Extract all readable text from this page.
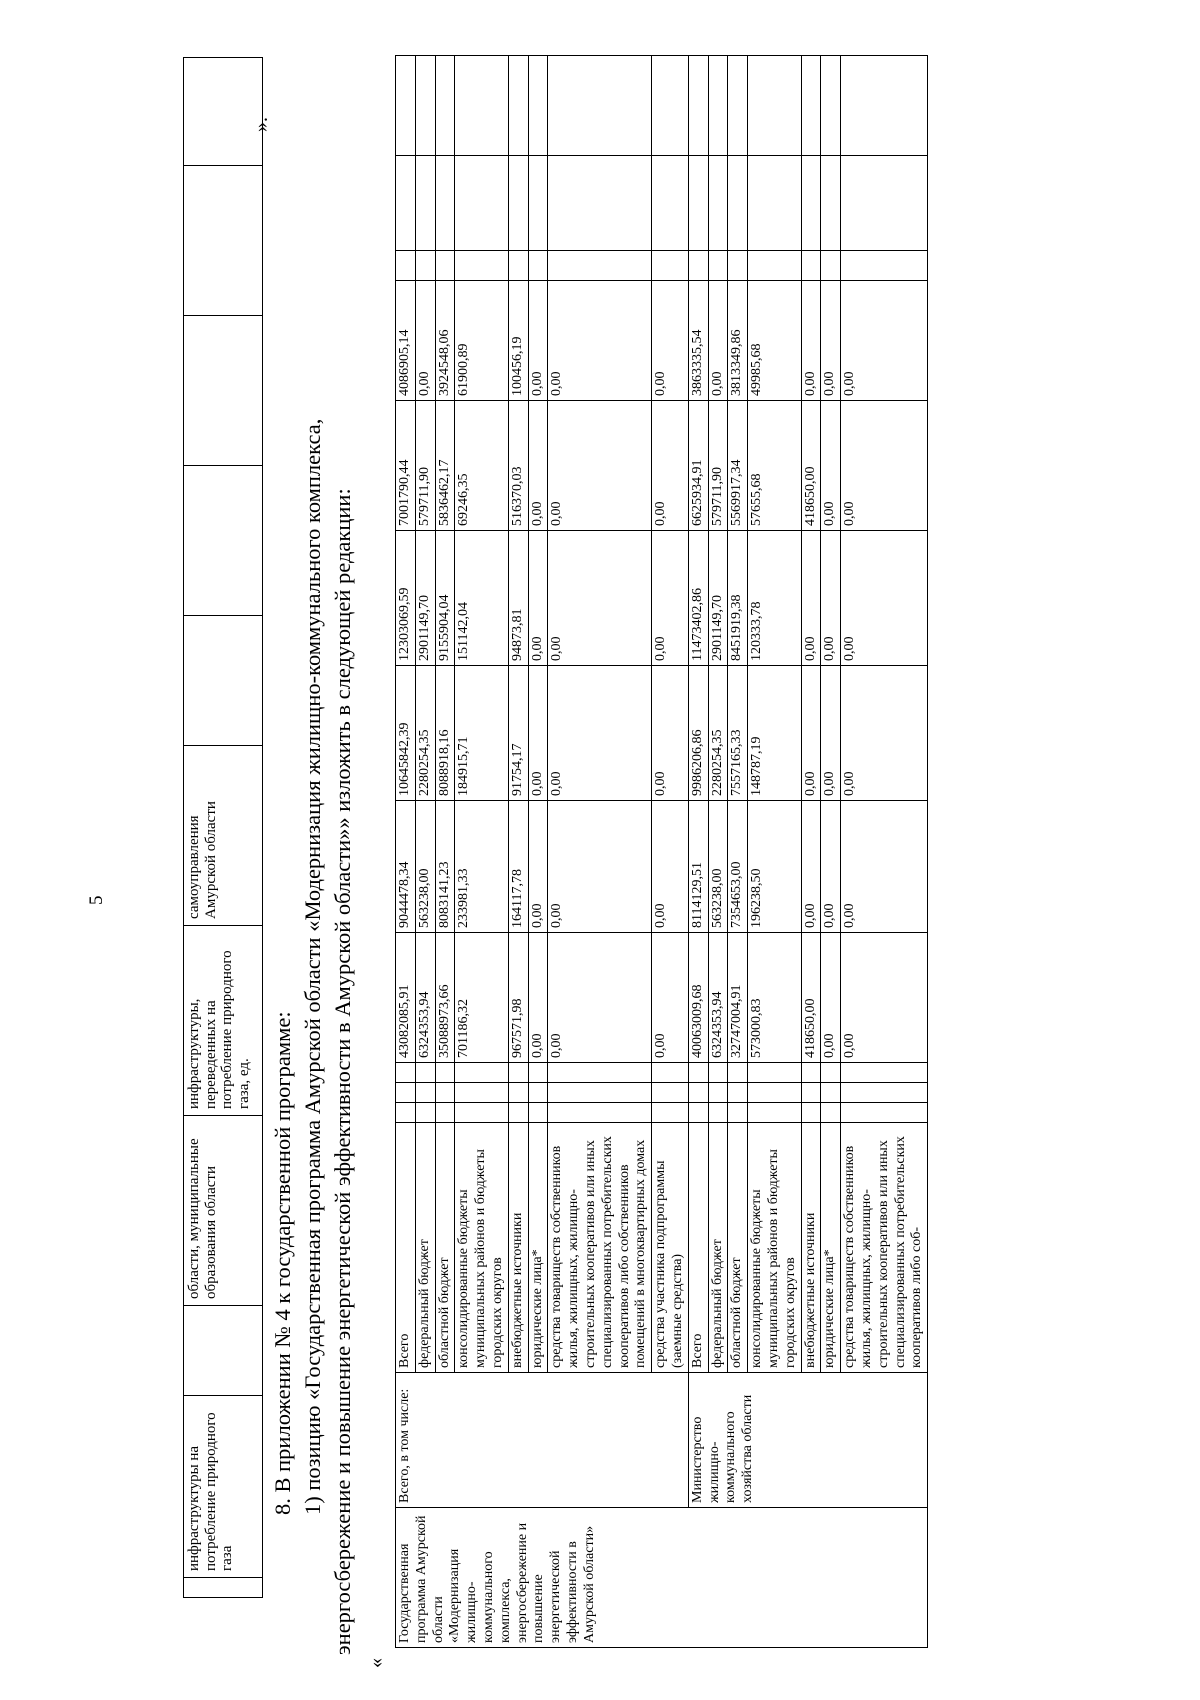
5
	инфраструктуры на потребление природного газа		области, муниципальные образования области	инфраструктуры, переведенных на потребление природного газа, ед.	самоуправления Амурской области					
».
8. В приложении № 4 к государственной программе: 1) позицию «Государственная программа Амурской области «Модернизация жилищно-коммунального комплекса, энергосбережение и повышение энергетической эффективности в Амурской области»» изложить в следующей редакции:
«
Государственная программа Амурской области «Модернизация жилищно-коммунального комплекса, энергосбережение и повышение энергетической эффективности в Амурской области»	Всего, в том числе:	Всего				43082085,91	9044478,34	10645842,39	12303069,59	7001790,44	4086905,14			
		федеральный бюджет				6324353,94	563238,00	2280254,35	2901149,70	579711,90	0,00			
		областной бюджет				35088973,66	8083141,23	8088918,16	9155904,04	5836462,17	3924548,06			
		консолидированные бюджеты муниципальных районов и бюджеты городских округов				701186,32	233981,33	184915,71	151142,04	69246,35	61900,89			
		внебюджетные источники				967571,98	164117,78	91754,17	94873,81	516370,03	100456,19			
		юридические лица*				0,00	0,00	0,00	0,00	0,00	0,00			
		средства товариществ собственников жилья, жилищных, жилищно-строительных кооперативов или иных специализированных потребительских кооперативов либо собственников помещений в многоквартирных домах				0,00	0,00	0,00	0,00	0,00	0,00			
		средства участника подпрограммы (заемные средства)				0,00	0,00	0,00	0,00	0,00	0,00			
	Министерство жилищно-коммунального хозяйства области	Всего				40063009,68	8114129,51	9986206,86	11473402,86	6625934,91	3863335,54			
		федеральный бюджет				6324353,94	563238,00	2280254,35	2901149,70	579711,90	0,00			
		областной бюджет				32747004,91	7354653,00	7557165,33	8451919,38	5569917,34	3813349,86			
		консолидированные бюджеты муниципальных районов и бюджеты городских округов				573000,83	196238,50	148787,19	120333,78	57655,68	49985,68			
		внебюджетные источники				418650,00	0,00	0,00	0,00	418650,00	0,00			
		юридические лица*				0,00	0,00	0,00	0,00	0,00	0,00			
		средства товариществ собственников жилья, жилищных, жилищно-строительных кооперативов или иных специализированных потребительских кооперативов либо соб-				0,00	0,00	0,00	0,00	0,00	0,00			
